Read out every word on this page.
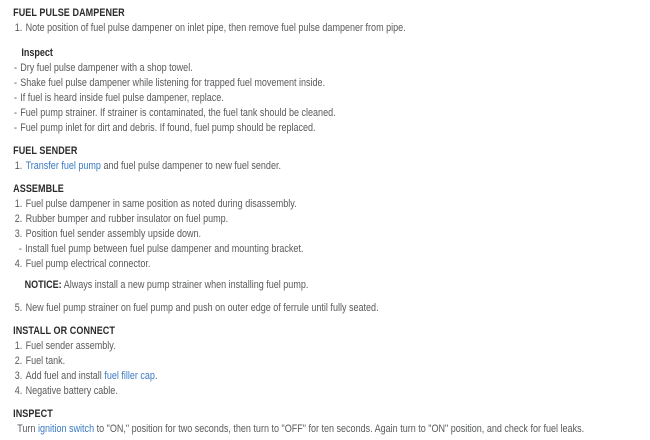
FUEL PULSE DAMPENER
1. Note position of fuel pulse dampener on inlet pipe, then remove fuel pulse dampener from pipe.
Inspect
- Dry fuel pulse dampener with a shop towel.
- Shake fuel pulse dampener while listening for trapped fuel movement inside.
- If fuel is heard inside fuel pulse dampener, replace.
- Fuel pump strainer. If strainer is contaminated, the fuel tank should be cleaned.
- Fuel pump inlet for dirt and debris. If found, fuel pump should be replaced.
FUEL SENDER
1. Transfer fuel pump and fuel pulse dampener to new fuel sender.
ASSEMBLE
1. Fuel pulse dampener in same position as noted during disassembly.
2. Rubber bumper and rubber insulator on fuel pump.
3. Position fuel sender assembly upside down.
- Install fuel pump between fuel pulse dampener and mounting bracket.
4. Fuel pump electrical connector.
NOTICE: Always install a new pump strainer when installing fuel pump.
5. New fuel pump strainer on fuel pump and push on outer edge of ferrule until fully seated.
INSTALL OR CONNECT
1. Fuel sender assembly.
2. Fuel tank.
3. Add fuel and install fuel filler cap.
4. Negative battery cable.
INSPECT
Turn ignition switch to "ON," position for two seconds, then turn to "OFF" for ten seconds. Again turn to "ON" position, and check for fuel leaks.
